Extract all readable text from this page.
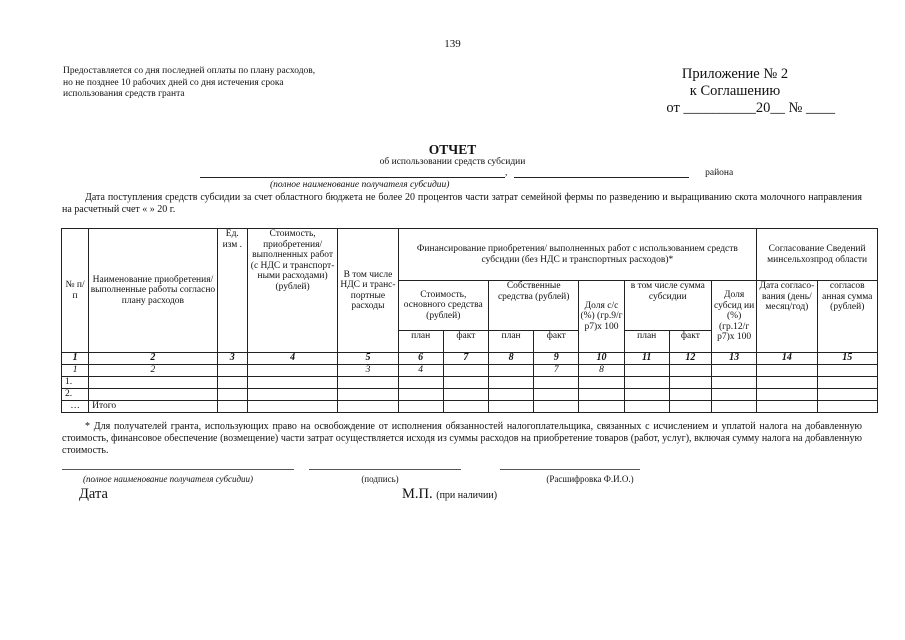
139
Предоставляется со дня последней оплаты по плану расходов,
но не позднее 10 рабочих дней со дня истечения срока
использования средств гранта
Приложение № 2
к Соглашению
от __________20__ № ____
ОТЧЕТ
об использовании средств субсидии
,	района
(полное наименование получателя субсидии)
Дата поступления средств субсидии за счет областного бюджета не более 20 процентов части затрат семейной фермы по разведению и выращиванию скота молочного направления на расчетный счет « » 20 г.
№ п/п	Наименование приобретения/ выполненные работы согласно плану расходов	Ед. изм .	Стоимость, приобретения/ выполненных работ (с НДС и транспорт-ными расходами) (рублей)	В том числе НДС и транс-портные расходы	Финансирование приобретения/ выполненных работ с использованием средств субсидии (без НДС и транспортных расходов)*								Согласование Сведений минсельхозпрод области	
					Стоимость, основного средства (рублей)		Собственные средства (рублей)		Доля с/с (%) (гр.9/г р7)х 100	в том числе сумма субсидии		Доля субсид ии (%) (гр.12/г р7)х 100	Дата согласо-вания (день/ месяц/год)	согласов анная сумма (рублей)
					план	факт	план	факт		план	факт			
1	2	3	4	5	6	7	8	9	10	11	12	13	14	15
1	2			3	4			7	8					
1.														
2.														
…	Итого													
* Для получателей гранта, использующих право на освобождение от исполнения обязанностей налогоплательщика, связанных с исчислением и уплатой налога на добавленную стоимость, финансовое обеспечение (возмещение) части затрат осуществляется исходя из суммы расходов на приобретение товаров (работ, услуг), включая сумму налога на добавленную стоимость.
(полное наименование получателя субсидии)	(подпись)	(Расшифровка Ф.И.О.)
Дата	М.П. (при наличии)
